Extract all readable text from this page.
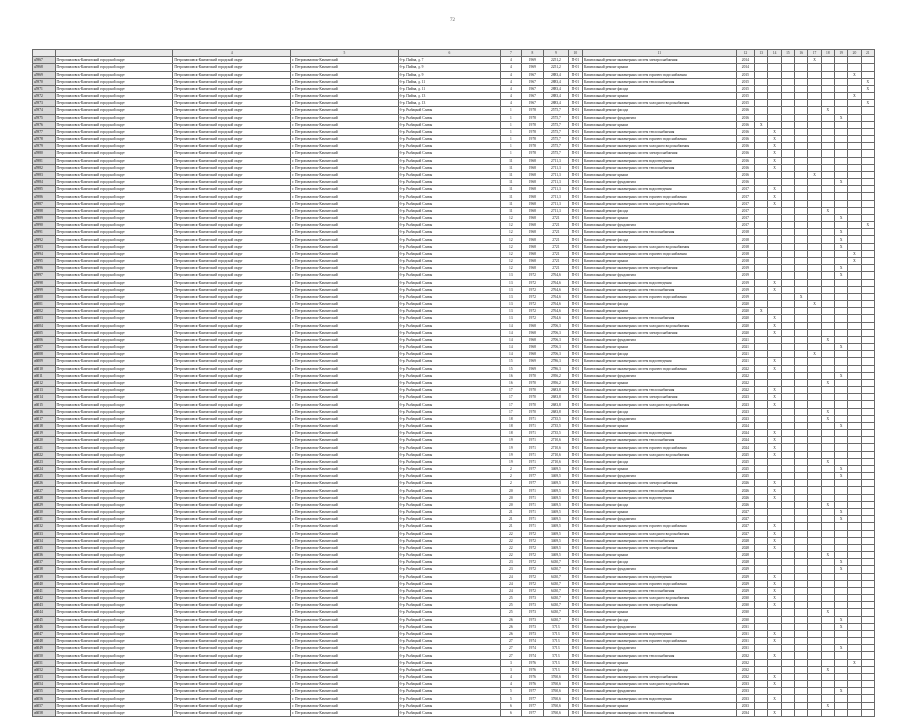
72
		4	5	6	7	8	9	10	11	12	13	14	15	16	17	18	19	20	21
a5967	Петропавловск-Камчатский городской округ	Петропавловск-Камчатский городской округ	г. Петропавловск-Камчатский	б-р. Пийпа, д. 7	4	1969	2251,2	П-01	Капитальный ремонт инженерных систем электроснабжения	2014					X				
a5968	Петропавловск-Камчатский городской округ	Петропавловск-Камчатский городской округ	г. Петропавловск-Камчатский	б-р. Пийпа, д. 9	4	1969	2251,2	П-01	Капитальный ремонт крыши	2014									
a5969	Петропавловск-Камчатский городской округ	Петропавловск-Камчатский городской округ	г. Петропавловск-Камчатский	б-р. Пийпа, д. 9	4	1967	2883,4	П-01	Капитальный ремонт инженерных систем горячего водоснабжения	2015								X	
a5970	Петропавловск-Камчатский городской округ	Петропавловск-Камчатский городской округ	г. Петропавловск-Камчатский	б-р. Пийпа, д. 11	4	1967	2883,4	П-01	Капитальный ремонт инженерных систем теплоснабжения	2015									X
a5971	Петропавловск-Камчатский городской округ	Петропавловск-Камчатский городской округ	г. Петропавловск-Камчатский	б-р. Пийпа, д. 11	4	1967	2883,4	П-01	Капитальный ремонт фасада	2015									X
a5972	Петропавловск-Камчатский городской округ	Петропавловск-Камчатский городской округ	г. Петропавловск-Камчатский	б-р. Пийпа, д. 13	4	1967	2883,4	П-01	Капитальный ремонт крыши	2015								X	
a5973	Петропавловск-Камчатский городской округ	Петропавловск-Камчатский городской округ	г. Петропавловск-Камчатский	б-р. Пийпа, д. 13	4	1967	2883,4	П-01	Капитальный ремонт инженерных систем холодного водоснабжения	2015									X
a5974	Петропавловск-Камчатский городской округ	Петропавловск-Камчатский городской округ	г. Петропавловск-Камчатский	б-р. Рыбацкой Славы	1	1978	2575,7	П-01	Капитальный ремонт фасада	2016						X			
a5975	Петропавловск-Камчатский городской округ	Петропавловск-Камчатский городской округ	г. Петропавловск-Камчатский	б-р. Рыбацкой Славы	1	1978	2575,7	П-01	Капитальный ремонт фундамента	2016							X		
a5976	Петропавловск-Камчатский городской округ	Петропавловск-Камчатский городской округ	г. Петропавловск-Камчатский	б-р. Рыбацкой Славы	1	1978	2575,7	П-01	Капитальный ремонт крыши	2016	X								
a5977	Петропавловск-Камчатский городской округ	Петропавловск-Камчатский городской округ	г. Петропавловск-Камчатский	б-р. Рыбацкой Славы	1	1978	2575,7	П-01	Капитальный ремонт инженерных систем теплоснабжения	2016		X							
a5978	Петропавловск-Камчатский городской округ	Петропавловск-Камчатский городской округ	г. Петропавловск-Камчатский	б-р. Рыбацкой Славы	1	1978	2575,7	П-01	Капитальный ремонт инженерных систем горячего водоснабжения	2016		X							
a5979	Петропавловск-Камчатский городской округ	Петропавловск-Камчатский городской округ	г. Петропавловск-Камчатский	б-р. Рыбацкой Славы	1	1978	2575,7	П-01	Капитальный ремонт инженерных систем холодного водоснабжения	2016		X							
a5980	Петропавловск-Камчатский городской округ	Петропавловск-Камчатский городской округ	г. Петропавловск-Камчатский	б-р. Рыбацкой Славы	1	1978	2575,7	П-01	Капитальный ремонт инженерных систем электроснабжения	2016		X							
a5981	Петропавловск-Камчатский городской округ	Петропавловск-Камчатский городской округ	г. Петропавловск-Камчатский	б-р. Рыбацкой Славы	11	1968	2711,3	П-01	Капитальный ремонт инженерных систем водоотведения	2016		X							
a5982	Петропавловск-Камчатский городской округ	Петропавловск-Камчатский городской округ	г. Петропавловск-Камчатский	б-р. Рыбацкой Славы	11	1968	2711,3	П-01	Капитальный ремонт инженерных систем теплоснабжения	2016		X							
a5983	Петропавловск-Камчатский городской округ	Петропавловск-Камчатский городской округ	г. Петропавловск-Камчатский	б-р. Рыбацкой Славы	11	1968	2711,3	П-01	Капитальный ремонт крыши	2016					X				
a5984	Петропавловск-Камчатский городской округ	Петропавловск-Камчатский городской округ	г. Петропавловск-Камчатский	б-р. Рыбацкой Славы	11	1968	2711,3	П-01	Капитальный ремонт фундамента	2016							X		
a5985	Петропавловск-Камчатский городской округ	Петропавловск-Камчатский городской округ	г. Петропавловск-Камчатский	б-р. Рыбацкой Славы	11	1968	2711,3	П-01	Капитальный ремонт инженерных систем водоотведения	2017		X							
a5986	Петропавловск-Камчатский городской округ	Петропавловск-Камчатский городской округ	г. Петропавловск-Камчатский	б-р. Рыбацкой Славы	11	1968	2711,3	П-01	Капитальный ремонт инженерных систем горячего водоснабжения	2017		X							
a5987	Петропавловск-Камчатский городской округ	Петропавловск-Камчатский городской округ	г. Петропавловск-Камчатский	б-р. Рыбацкой Славы	11	1968	2711,3	П-01	Капитальный ремонт инженерных систем холодного водоснабжения	2017		X							
a5988	Петропавловск-Камчатский городской округ	Петропавловск-Камчатский городской округ	г. Петропавловск-Камчатский	б-р. Рыбацкой Славы	11	1968	2711,3	П-01	Капитальный ремонт фасада	2017						X			
a5989	Петропавловск-Камчатский городской округ	Петропавловск-Камчатский городской округ	г. Петропавловск-Камчатский	б-р. Рыбацкой Славы	12	1968	2721	П-01	Капитальный ремонт крыши	2017							X		
a5990	Петропавловск-Камчатский городской округ	Петропавловск-Камчатский городской округ	г. Петропавловск-Камчатский	б-р. Рыбацкой Славы	12	1968	2721	П-01	Капитальный ремонт фундамента	2017									X
a5991	Петропавловск-Камчатский городской округ	Петропавловск-Камчатский городской округ	г. Петропавловск-Камчатский	б-р. Рыбацкой Славы	12	1968	2721	П-01	Капитальный ремонт инженерных систем теплоснабжения	2018							X		
a5992	Петропавловск-Камчатский городской округ	Петропавловск-Камчатский городской округ	г. Петропавловск-Камчатский	б-р. Рыбацкой Славы	12	1968	2721	П-01	Капитальный ремонт фасада	2018							X		
a5993	Петропавловск-Камчатский городской округ	Петропавловск-Камчатский городской округ	г. Петропавловск-Камчатский	б-р. Рыбацкой Славы	12	1968	2721	П-01	Капитальный ремонт инженерных систем холодного водоснабжения	2018							X		
a5994	Петропавловск-Камчатский городской округ	Петропавловск-Камчатский городской округ	г. Петропавловск-Камчатский	б-р. Рыбацкой Славы	12	1968	2721	П-01	Капитальный ремонт инженерных систем горячего водоснабжения	2018								X	
a5995	Петропавловск-Камчатский городской округ	Петропавловск-Камчатский городской округ	г. Петропавловск-Камчатский	б-р. Рыбацкой Славы	12	1968	2721	П-01	Капитальный ремонт крыши	2018								X	
a5996	Петропавловск-Камчатский городской округ	Петропавловск-Камчатский городской округ	г. Петропавловск-Камчатский	б-р. Рыбацкой Славы	12	1968	2721	П-01	Капитальный ремонт инженерных систем электроснабжения	2019							X		
a5997	Петропавловск-Камчатский городской округ	Петропавловск-Камчатский городской округ	г. Петропавловск-Камчатский	б-р. Рыбацкой Славы	13	1972	2764,6	П-01	Капитальный ремонт фундамента	2019							X		
a5998	Петропавловск-Камчатский городской округ	Петропавловск-Камчатский городской округ	г. Петропавловск-Камчатский	б-р. Рыбацкой Славы	13	1972	2764,6	П-01	Капитальный ремонт инженерных систем водоотведения	2019		X							
a5999	Петропавловск-Камчатский городской округ	Петропавловск-Камчатский городской округ	г. Петропавловск-Камчатский	б-р. Рыбацкой Славы	13	1972	2764,6	П-01	Капитальный ремонт инженерных систем теплоснабжения	2019		X							
a6000	Петропавловск-Камчатский городской округ	Петропавловск-Камчатский городской округ	г. Петропавловск-Камчатский	б-р. Рыбацкой Славы	13	1972	2764,6	П-01	Капитальный ремонт инженерных систем горячего водоснабжения	2019				X					
a6001	Петропавловск-Камчатский городской округ	Петропавловск-Камчатский городской округ	г. Петропавловск-Камчатский	б-р. Рыбацкой Славы	13	1972	2764,6	П-01	Капитальный ремонт фасада	2020					X				
a6002	Петропавловск-Камчатский городской округ	Петропавловск-Камчатский городской округ	г. Петропавловск-Камчатский	б-р. Рыбацкой Славы	13	1972	2764,6	П-01	Капитальный ремонт крыши	2020	X								
a6003	Петропавловск-Камчатский городской округ	Петропавловск-Камчатский городской округ	г. Петропавловск-Камчатский	б-р. Рыбацкой Славы	13	1972	2764,6	П-01	Капитальный ремонт инженерных систем теплоснабжения	2020		X							
a6004	Петропавловск-Камчатский городской округ	Петропавловск-Камчатский городской округ	г. Петропавловск-Камчатский	б-р. Рыбацкой Славы	14	1968	2706,3	П-01	Капитальный ремонт инженерных систем холодного водоснабжения	2020		X							
a6005	Петропавловск-Камчатский городской округ	Петропавловск-Камчатский городской округ	г. Петропавловск-Камчатский	б-р. Рыбацкой Славы	14	1968	2706,3	П-01	Капитальный ремонт инженерных систем электроснабжения	2020		X							
a6006	Петропавловск-Камчатский городской округ	Петропавловск-Камчатский городской округ	г. Петропавловск-Камчатский	б-р. Рыбацкой Славы	14	1968	2706,3	П-01	Капитальный ремонт фундамента	2021						X			
a6007	Петропавловск-Камчатский городской округ	Петропавловск-Камчатский городской округ	г. Петропавловск-Камчатский	б-р. Рыбацкой Славы	14	1968	2706,3	П-01	Капитальный ремонт крыши	2021							X		
a6008	Петропавловск-Камчатский городской округ	Петропавловск-Камчатский городской округ	г. Петропавловск-Камчатский	б-р. Рыбацкой Славы	14	1968	2706,3	П-01	Капитальный ремонт фасада	2021					X				
a6009	Петропавловск-Камчатский городской округ	Петропавловск-Камчатский городской округ	г. Петропавловск-Камчатский	б-р. Рыбацкой Славы	15	1969	2786,3	П-01	Капитальный ремонт инженерных систем водоотведения	2021		X							
a6010	Петропавловск-Камчатский городской округ	Петропавловск-Камчатский городской округ	г. Петропавловск-Камчатский	б-р. Рыбацкой Славы	15	1969	2786,3	П-01	Капитальный ремонт инженерных систем горячего водоснабжения	2022		X							
a6011	Петропавловск-Камчатский городской округ	Петропавловск-Камчатский городской округ	г. Петропавловск-Камчатский	б-р. Рыбацкой Славы	16	1970	2956,2	П-01	Капитальный ремонт фундамента	2022							X		
a6012	Петропавловск-Камчатский городской округ	Петропавловск-Камчатский городской округ	г. Петропавловск-Камчатский	б-р. Рыбацкой Славы	16	1970	2956,2	П-01	Капитальный ремонт крыши	2022						X			
a6013	Петропавловск-Камчатский городской округ	Петропавловск-Камчатский городской округ	г. Петропавловск-Камчатский	б-р. Рыбацкой Славы	17	1970	2683,8	П-01	Капитальный ремонт инженерных систем теплоснабжения	2022		X							
a6014	Петропавловск-Камчатский городской округ	Петропавловск-Камчатский городской округ	г. Петропавловск-Камчатский	б-р. Рыбацкой Славы	17	1970	2683,8	П-01	Капитальный ремонт инженерных систем электроснабжения	2023		X							
a6015	Петропавловск-Камчатский городской округ	Петропавловск-Камчатский городской округ	г. Петропавловск-Камчатский	б-р. Рыбацкой Славы	17	1970	2683,8	П-01	Капитальный ремонт инженерных систем холодного водоснабжения	2023		X							
a6016	Петропавловск-Камчатский городской округ	Петропавловск-Камчатский городской округ	г. Петропавловск-Камчатский	б-р. Рыбацкой Славы	17	1970	2683,8	П-01	Капитальный ремонт фасада	2023						X			
a6017	Петропавловск-Камчатский городской округ	Петропавловск-Камчатский городской округ	г. Петропавловск-Камчатский	б-р. Рыбацкой Славы	18	1971	2735,5	П-01	Капитальный ремонт фундамента	2023						X			
a6018	Петропавловск-Камчатский городской округ	Петропавловск-Камчатский городской округ	г. Петропавловск-Камчатский	б-р. Рыбацкой Славы	18	1971	2735,5	П-01	Капитальный ремонт крыши	2024							X		
a6019	Петропавловск-Камчатский городской округ	Петропавловск-Камчатский городской округ	г. Петропавловск-Камчатский	б-р. Рыбацкой Славы	18	1971	2735,5	П-01	Капитальный ремонт инженерных систем водоотведения	2024		X							
a6020	Петропавловск-Камчатский городской округ	Петропавловск-Камчатский городской округ	г. Петропавловск-Камчатский	б-р. Рыбацкой Славы	19	1971	2710,6	П-01	Капитальный ремонт инженерных систем теплоснабжения	2024		X							
a6021	Петропавловск-Камчатский городской округ	Петропавловск-Камчатский городской округ	г. Петропавловск-Камчатский	б-р. Рыбацкой Славы	19	1971	2710,6	П-01	Капитальный ремонт инженерных систем горячего водоснабжения	2024		X							
a6022	Петропавловск-Камчатский городской округ	Петропавловск-Камчатский городской округ	г. Петропавловск-Камчатский	б-р. Рыбацкой Славы	19	1971	2710,6	П-01	Капитальный ремонт инженерных систем холодного водоснабжения	2025		X							
a6023	Петропавловск-Камчатский городской округ	Петропавловск-Камчатский городской округ	г. Петропавловск-Камчатский	б-р. Рыбацкой Славы	19	1971	2710,6	П-01	Капитальный ремонт фасада	2025						X			
a6024	Петропавловск-Камчатский городской округ	Петропавловск-Камчатский городской округ	г. Петропавловск-Камчатский	б-р. Рыбацкой Славы	2	1977	3469,5	П-01	Капитальный ремонт крыши	2025							X		
a6025	Петропавловск-Камчатский городской округ	Петропавловск-Камчатский городской округ	г. Петропавловск-Камчатский	б-р. Рыбацкой Славы	2	1977	3469,5	П-01	Капитальный ремонт фундамента	2025							X		
a6026	Петропавловск-Камчатский городской округ	Петропавловск-Камчатский городской округ	г. Петропавловск-Камчатский	б-р. Рыбацкой Славы	2	1977	3469,5	П-01	Капитальный ремонт инженерных систем электроснабжения	2026		X							
a6027	Петропавловск-Камчатский городской округ	Петропавловск-Камчатский городской округ	г. Петропавловск-Камчатский	б-р. Рыбацкой Славы	20	1971	3469,5	П-01	Капитальный ремонт инженерных систем теплоснабжения	2026		X							
a6028	Петропавловск-Камчатский городской округ	Петропавловск-Камчатский городской округ	г. Петропавловск-Камчатский	б-р. Рыбацкой Славы	20	1971	3469,5	П-01	Капитальный ремонт инженерных систем водоотведения	2026		X							
a6029	Петропавловск-Камчатский городской округ	Петропавловск-Камчатский городской округ	г. Петропавловск-Камчатский	б-р. Рыбацкой Славы	20	1971	3469,5	П-01	Капитальный ремонт фасада	2026						X			
a6030	Петропавловск-Камчатский городской округ	Петропавловск-Камчатский городской округ	г. Петропавловск-Камчатский	б-р. Рыбацкой Славы	21	1971	3469,5	П-01	Капитальный ремонт крыши	2027							X		
a6031	Петропавловск-Камчатский городской округ	Петропавловск-Камчатский городской округ	г. Петропавловск-Камчатский	б-р. Рыбацкой Славы	21	1971	3469,5	П-01	Капитальный ремонт фундамента	2027							X		
a6032	Петропавловск-Камчатский городской округ	Петропавловск-Камчатский городской округ	г. Петропавловск-Камчатский	б-р. Рыбацкой Славы	21	1971	3469,5	П-01	Капитальный ремонт инженерных систем горячего водоснабжения	2027		X							
a6033	Петропавловск-Камчатский городской округ	Петропавловск-Камчатский городской округ	г. Петропавловск-Камчатский	б-р. Рыбацкой Славы	22	1972	3469,5	П-01	Капитальный ремонт инженерных систем холодного водоснабжения	2027		X							
a6034	Петропавловск-Камчатский городской округ	Петропавловск-Камчатский городской округ	г. Петропавловск-Камчатский	б-р. Рыбацкой Славы	22	1972	3469,5	П-01	Капитальный ремонт инженерных систем теплоснабжения	2028		X							
a6035	Петропавловск-Камчатский городской округ	Петропавловск-Камчатский городской округ	г. Петропавловск-Камчатский	б-р. Рыбацкой Славы	22	1972	3469,5	П-01	Капитальный ремонт инженерных систем электроснабжения	2028		X							
a6036	Петропавловск-Камчатский городской округ	Петропавловск-Камчатский городской округ	г. Петропавловск-Камчатский	б-р. Рыбацкой Славы	22	1972	3469,5	П-01	Капитальный ремонт крыши	2028						X			
a6037	Петропавловск-Камчатский городской округ	Петропавловск-Камчатский городской округ	г. Петропавловск-Камчатский	б-р. Рыбацкой Славы	23	1972	6430,7	П-01	Капитальный ремонт фасада	2028							X		
a6038	Петропавловск-Камчатский городской округ	Петропавловск-Камчатский городской округ	г. Петропавловск-Камчатский	б-р. Рыбацкой Славы	23	1972	6430,7	П-01	Капитальный ремонт фундамента	2029							X		
a6039	Петропавловск-Камчатский городской округ	Петропавловск-Камчатский городской округ	г. Петропавловск-Камчатский	б-р. Рыбацкой Славы	24	1972	6430,7	П-01	Капитальный ремонт инженерных систем водоотведения	2029		X							
a6040	Петропавловск-Камчатский городской округ	Петропавловск-Камчатский городской округ	г. Петропавловск-Камчатский	б-р. Рыбацкой Славы	24	1972	6430,7	П-01	Капитальный ремонт инженерных систем горячего водоснабжения	2029		X							
a6041	Петропавловск-Камчатский городской округ	Петропавловск-Камчатский городской округ	г. Петропавловск-Камчатский	б-р. Рыбацкой Славы	24	1972	6430,7	П-01	Капитальный ремонт инженерных систем теплоснабжения	2029		X							
a6042	Петропавловск-Камчатский городской округ	Петропавловск-Камчатский городской округ	г. Петропавловск-Камчатский	б-р. Рыбацкой Славы	25	1973	6430,7	П-01	Капитальный ремонт инженерных систем холодного водоснабжения	2030		X							
a6043	Петропавловск-Камчатский городской округ	Петропавловск-Камчатский городской округ	г. Петропавловск-Камчатский	б-р. Рыбацкой Славы	25	1973	6430,7	П-01	Капитальный ремонт инженерных систем электроснабжения	2030		X							
a6044	Петропавловск-Камчатский городской округ	Петропавловск-Камчатский городской округ	г. Петропавловск-Камчатский	б-р. Рыбацкой Славы	25	1973	6430,7	П-01	Капитальный ремонт крыши	2030						X			
a6045	Петропавловск-Камчатский городской округ	Петропавловск-Камчатский городской округ	г. Петропавловск-Камчатский	б-р. Рыбацкой Славы	26	1973	6430,7	П-01	Капитальный ремонт фасада	2030							X		
a6046	Петропавловск-Камчатский городской округ	Петропавловск-Камчатский городской округ	г. Петропавловск-Камчатский	б-р. Рыбацкой Славы	26	1973	5713	П-01	Капитальный ремонт фундамента	2031							X		
a6047	Петропавловск-Камчатский городской округ	Петропавловск-Камчатский городской округ	г. Петропавловск-Камчатский	б-р. Рыбацкой Славы	26	1973	5713	П-01	Капитальный ремонт инженерных систем водоотведения	2031		X							
a6048	Петропавловск-Камчатский городской округ	Петропавловск-Камчатский городской округ	г. Петропавловск-Камчатский	б-р. Рыбацкой Славы	27	1974	5713	П-01	Капитальный ремонт инженерных систем горячего водоснабжения	2031		X							
a6049	Петропавловск-Камчатский городской округ	Петропавловск-Камчатский городской округ	г. Петропавловск-Камчатский	б-р. Рыбацкой Славы	27	1974	5713	П-01	Капитальный ремонт фундамента	2031							X		
a6050	Петропавловск-Камчатский городской округ	Петропавловск-Камчатский городской округ	г. Петропавловск-Камчатский	б-р. Рыбацкой Славы	27	1974	5713	П-01	Капитальный ремонт инженерных систем теплоснабжения	2032		X							
a6051	Петропавловск-Камчатский городской округ	Петропавловск-Камчатский городской округ	г. Петропавловск-Камчатский	б-р. Рыбацкой Славы	3	1976	5713	П-01	Капитальный ремонт крыши	2032								X	
a6052	Петропавловск-Камчатский городской округ	Петропавловск-Камчатский городской округ	г. Петропавловск-Камчатский	б-р. Рыбацкой Славы	3	1976	5713	П-01	Капитальный ремонт фасада	2032						X			
a6053	Петропавловск-Камчатский городской округ	Петропавловск-Камчатский городской округ	г. Петропавловск-Камчатский	б-р. Рыбацкой Славы	4	1976	3760,6	П-01	Капитальный ремонт инженерных систем электроснабжения	2032		X							
a6054	Петропавловск-Камчатский городской округ	Петропавловск-Камчатский городской округ	г. Петропавловск-Камчатский	б-р. Рыбацкой Славы	4	1976	3760,6	П-01	Капитальный ремонт инженерных систем холодного водоснабжения	2033		X							
a6055	Петропавловск-Камчатский городской округ	Петропавловск-Камчатский городской округ	г. Петропавловск-Камчатский	б-р. Рыбацкой Славы	5	1977	3760,6	П-01	Капитальный ремонт фундамента	2033							X		
a6056	Петропавловск-Камчатский городской округ	Петропавловск-Камчатский городской округ	г. Петропавловск-Камчатский	б-р. Рыбацкой Славы	5	1977	3760,6	П-01	Капитальный ремонт инженерных систем водоотведения	2033		X							
a6057	Петропавловск-Камчатский городской округ	Петропавловск-Камчатский городской округ	г. Петропавловск-Камчатский	б-р. Рыбацкой Славы	6	1977	3760,6	П-01	Капитальный ремонт крыши	2033						X			
a6058	Петропавловск-Камчатский городской округ	Петропавловск-Камчатский городской округ	г. Петропавловск-Камчатский	б-р. Рыбацкой Славы	6	1977	3760,6	П-01	Капитальный ремонт инженерных систем теплоснабжения	2034		X							
